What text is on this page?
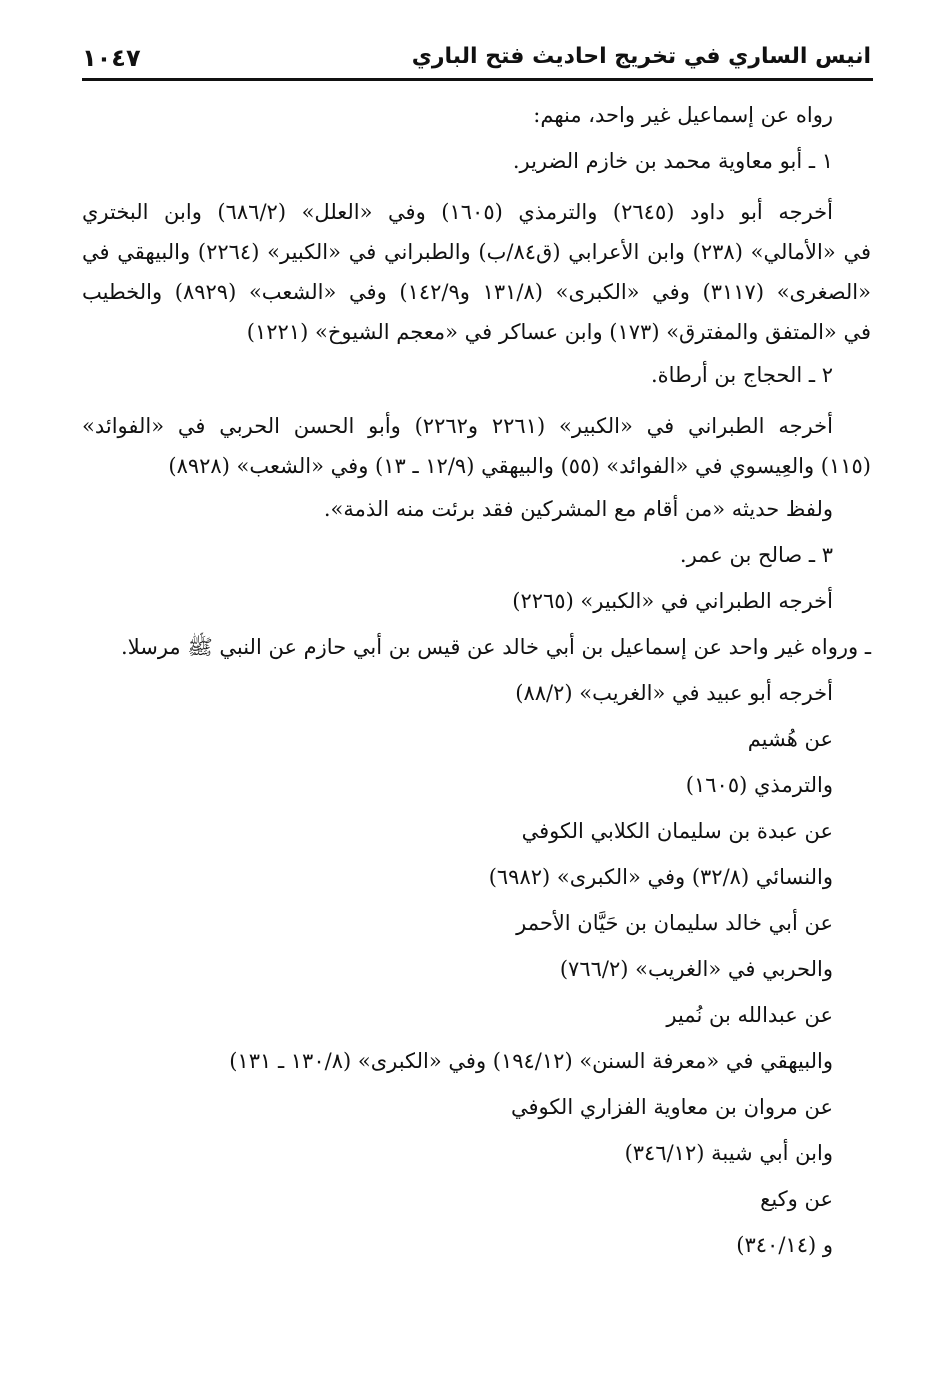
انيس الساري في تخريج احاديث فتح الباري
١٠٤٧
رواه عن إسماعيل غير واحد، منهم:
١ ـ أبو معاوية محمد بن خازم الضرير.
أخرجه أبو داود (٢٦٤٥) والترمذي (١٦٠٥) وفي «العلل» (٦٨٦/٢) وابن البختري
في «الأمالي» (٢٣٨) وابن الأعرابي (ق٨٤/ب) والطبراني في «الكبير» (٢٢٦٤) والبيهقي في
«الصغرى» (٣١١٧) وفي «الكبرى» (١٣١/٨ و١٤٢/٩) وفي «الشعب» (٨٩٢٩) والخطيب
في «المتفق والمفترق» (١٧٣) وابن عساكر في «معجم الشيوخ» (١٢٢١)
٢ ـ الحجاج بن أرطاة.
أخرجه الطبراني في «الكبير» (٢٢٦١ و٢٢٦٢) وأبو الحسن الحربي في «الفوائد»
(١١٥) والعِيسوي في «الفوائد» (٥٥) والبيهقي (١٢/٩ ـ ١٣) وفي «الشعب» (٨٩٢٨)
ولفظ حديثه «من أقام مع المشركين فقد برئت منه الذمة».
٣ ـ صالح بن عمر.
أخرجه الطبراني في «الكبير» (٢٢٦٥)
ـ ورواه غير واحد عن إسماعيل بن أبي خالد عن قيس بن أبي حازم عن النبي ﷺ مرسلا.
أخرجه أبو عبيد في «الغريب» (٨٨/٢)
عن هُشيم
والترمذي (١٦٠٥)
عن عبدة بن سليمان الكلابي الكوفي
والنسائي (٣٢/٨) وفي «الكبرى» (٦٩٨٢)
عن أبي خالد سليمان بن حَيَّان الأحمر
والحربي في «الغريب» (٧٦٦/٢)
عن عبدالله بن نُمير
والبيهقي في «معرفة السنن» (١٩٤/١٢) وفي «الكبرى» (١٣٠/٨ ـ ١٣١)
عن مروان بن معاوية الفزاري الكوفي
وابن أبي شيبة (٣٤٦/١٢)
عن وكيع
و (٣٤٠/١٤)
